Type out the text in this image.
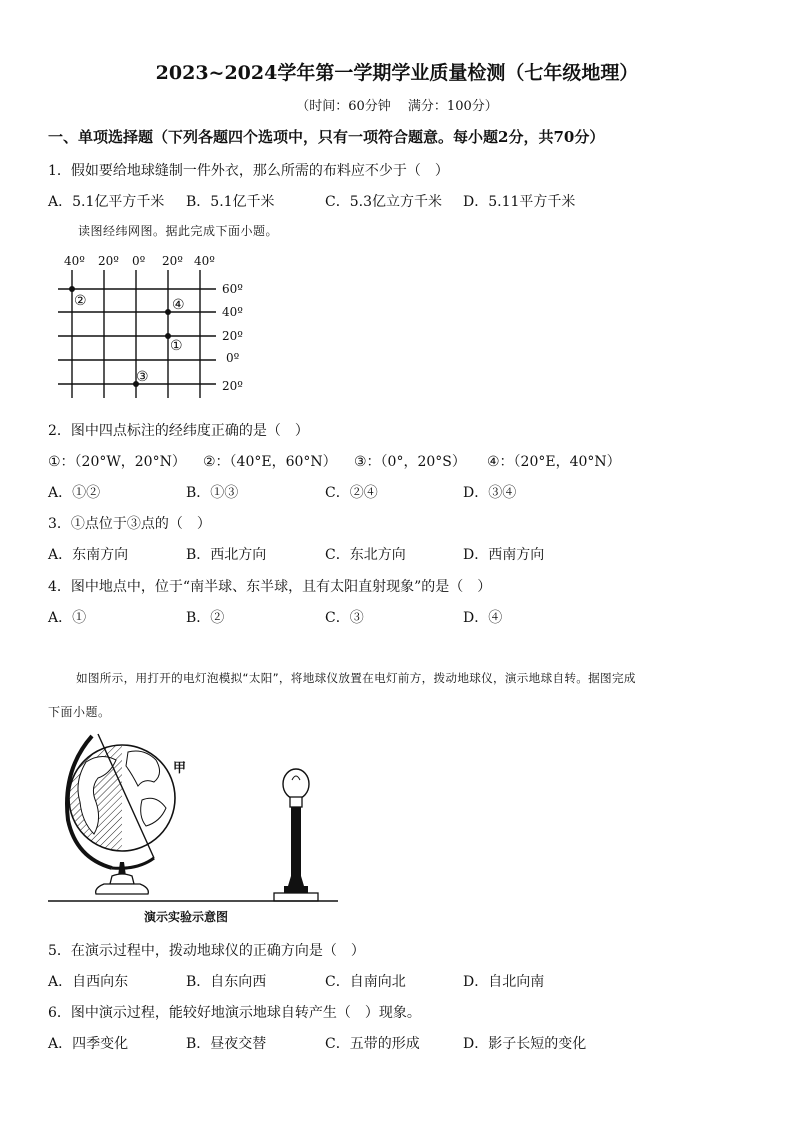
2023~2024学年第一学期学业质量检测（七年级地理）
（时间：60分钟　 满分：100分）
一、单项选择题（下列各题四个选项中，只有一项符合题意。每小题2分，共70分）
1．假如要给地球缝制一件外衣，那么所需的布料应不少于（　）
A．5.1亿平方千米 B．5.1亿千米	C．5.3亿立方千米 D．5.11平方千米
读图经纬网图。据此完成下面小题。
40º 20º 0º 20º 40º
60º
40º
20º
0º
20º
②	④
①
③
2．图中四点标注的经纬度正确的是（　）
①：（20°W，20°N） ②：（40°E，60°N） ③：（0°，20°S） ④：（20°E，40°N）
A．①②	B．①③	C．②④	D．③④
3．①点位于③点的（　）
A．东南方向	B．西北方向	C．东北方向	D．西南方向
4．图中地点中，位于“南半球、东半球，且有太阳直射现象”的是（　）
A．①	B．②	C．③	D．④
如图所示，用打开的电灯泡模拟“太阳”，将地球仪放置在电灯前方，拨动地球仪，演示地球自转。据图完成
下面小题。
甲
演示实验示意图
5．在演示过程中，拨动地球仪的正确方向是（　）
A．自西向东	B．自东向西	C．自南向北	D．自北向南
6．图中演示过程，能较好地演示地球自转产生（　）现象。
A．四季变化	B．昼夜交替	C．五带的形成	D．影子长短的变化
